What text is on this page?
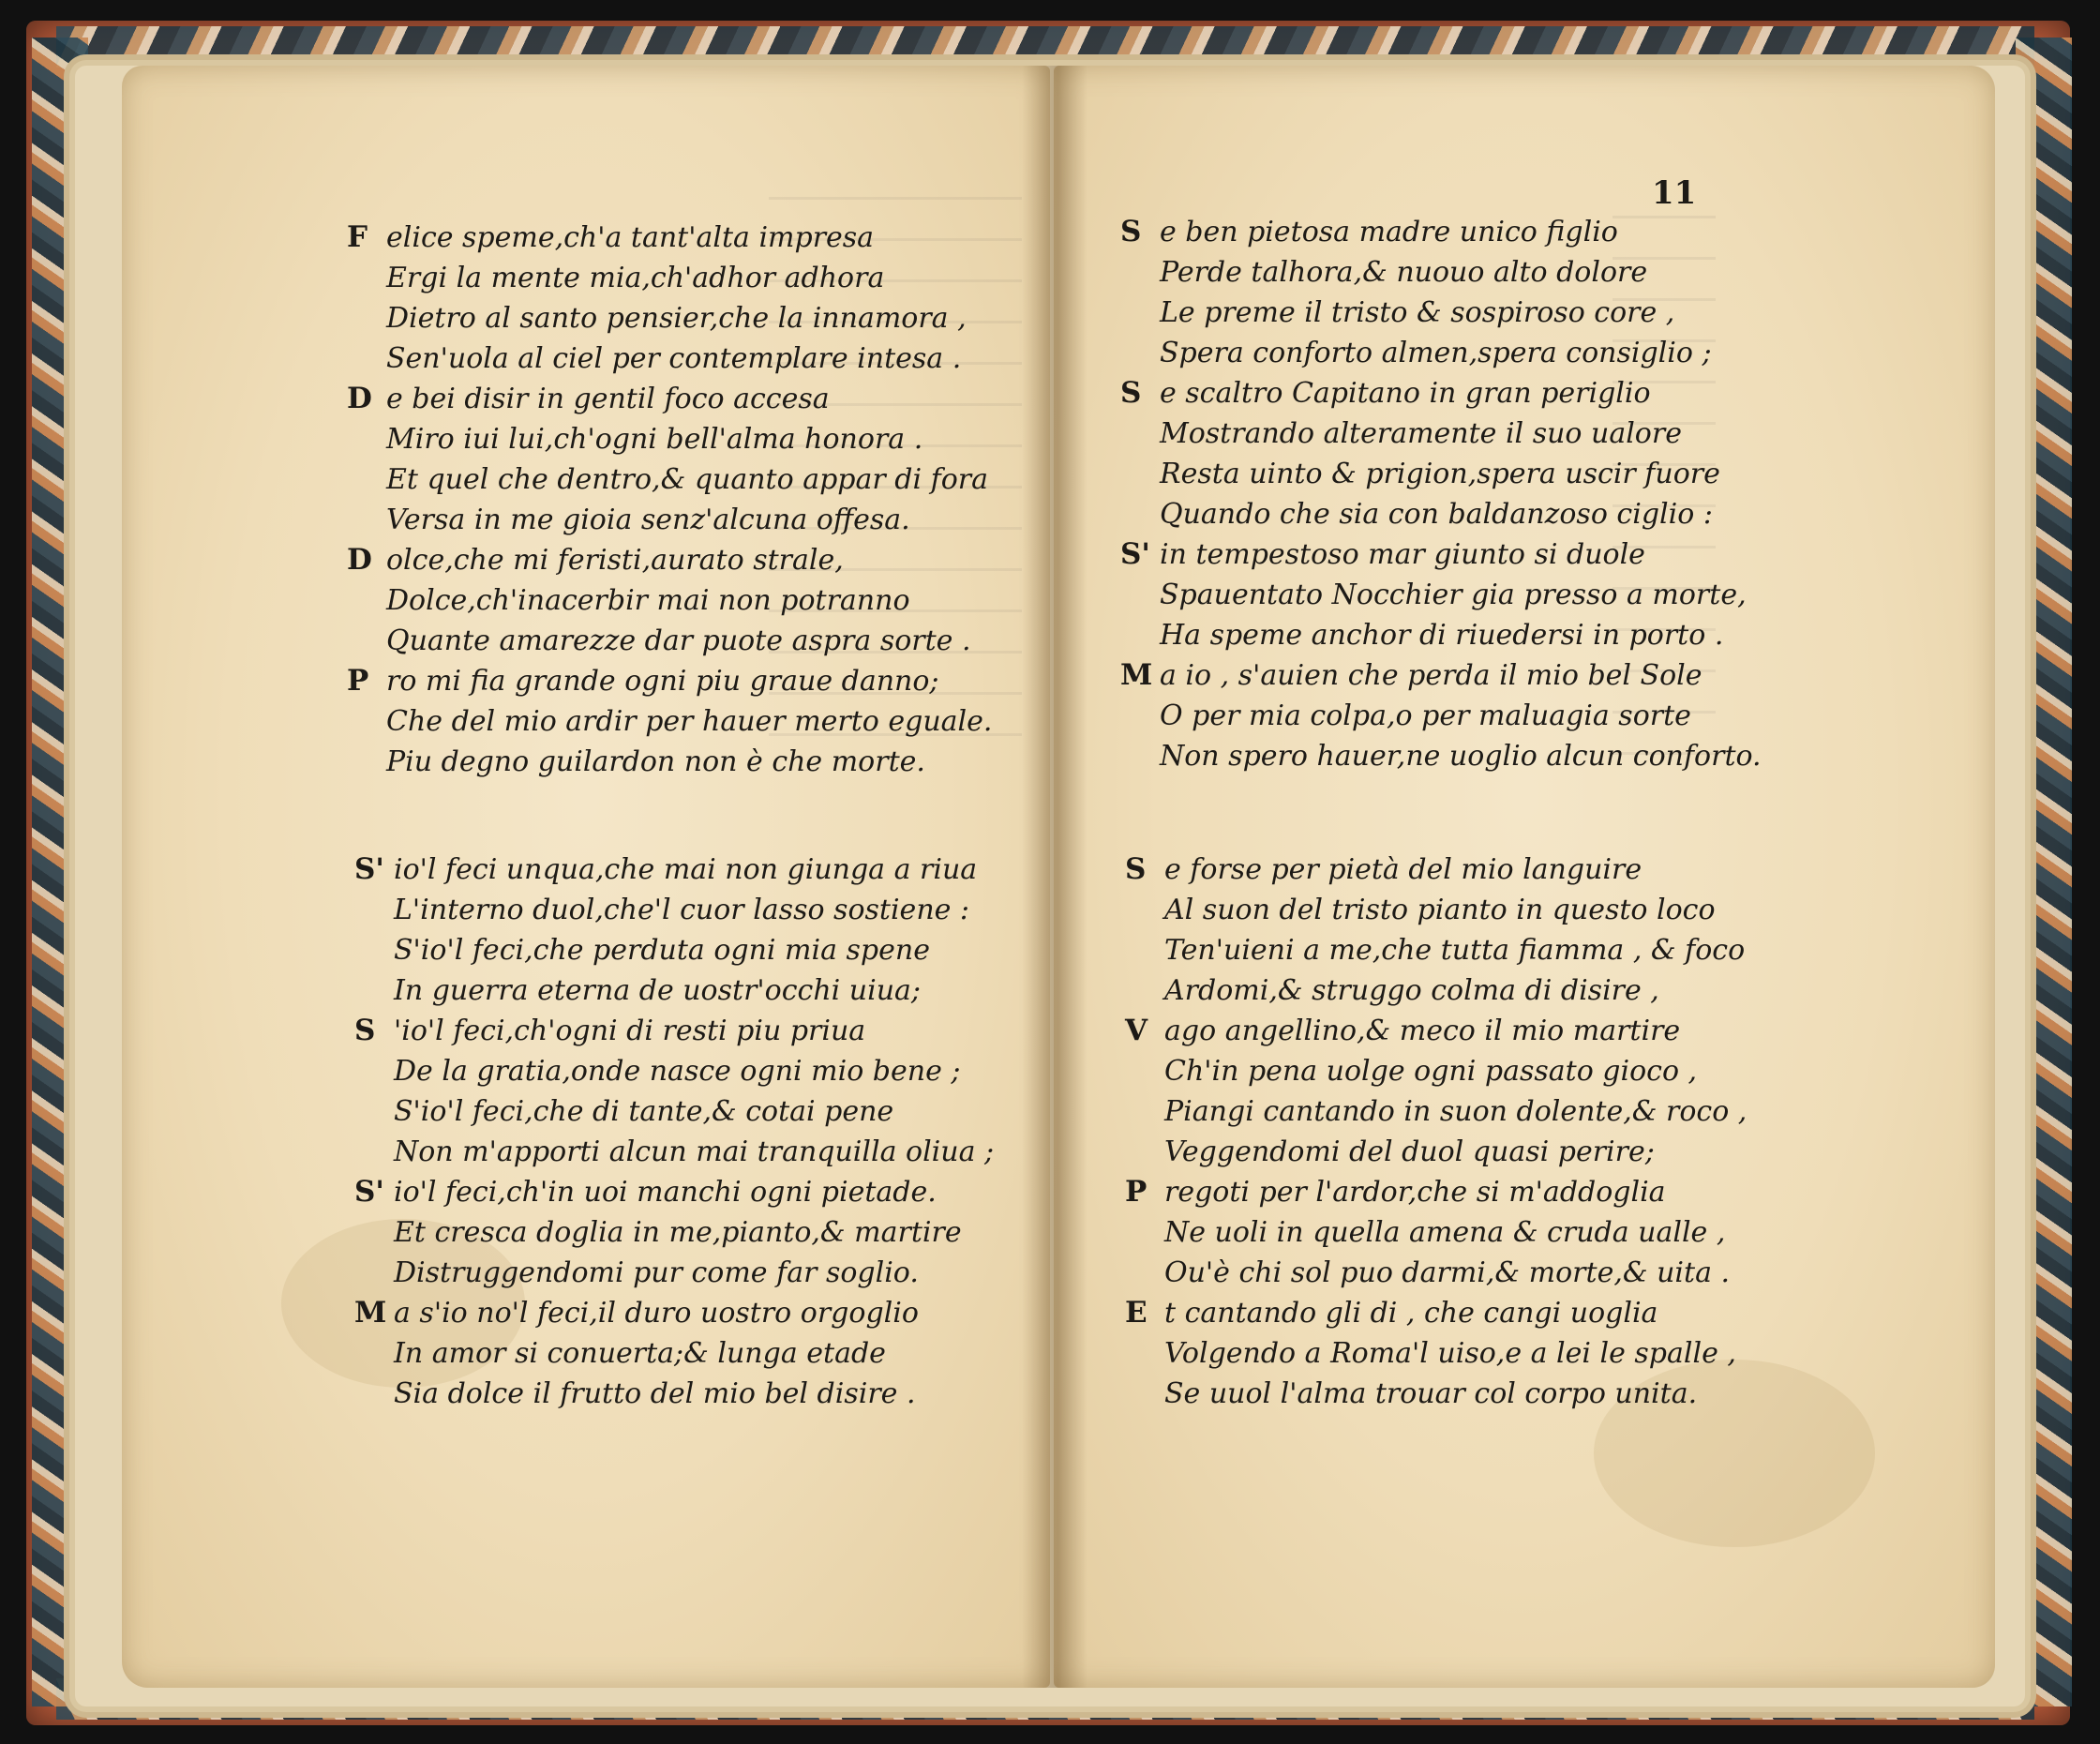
F elice speme,ch'a tant'alta impresa
Ergi la mente mia,ch'adhor adhora
Dietro al santo pensier,che la innamora ,
Sen'uola al ciel per contemplare intesa .
D e bei disir in gentil foco accesa
Miro iui lui,ch'ogni bell'alma honora .
Et quel che dentro,& quanto appar di fora
Versa in me gioia senz'alcuna offesa.
D olce,che mi feristi,aurato strale,
Dolce,ch'inacerbir mai non potranno
Quante amarezze dar puote aspra sorte .
P ro mi fia grande ogni piu graue danno;
Che del mio ardir per hauer merto eguale.
Piu degno guilardon non è che morte.
S' io'l feci unqua,che mai non giunga a riua
L'interno duol,che'l cuor lasso sostiene :
S'io'l feci,che perduta ogni mia spene
In guerra eterna de uostr'occhi uiua;
S 'io'l feci,ch'ogni di resti piu priua
De la gratia,onde nasce ogni mio bene ;
S'io'l feci,che di tante,& cotai pene
Non m'apporti alcun mai tranquilla oliua ;
S' io'l feci,ch'in uoi manchi ogni pietade.
Et cresca doglia in me,pianto,& martire
Distruggendomi pur come far soglio.
M a s'io no'l feci,il duro uostro orgoglio
In amor si conuerta;& lunga etade
Sia dolce il frutto del mio bel disire .
11
S e ben pietosa madre unico figlio
Perde talhora,& nuouo alto dolore
Le preme il tristo & sospiroso core ,
Spera conforto almen,spera consiglio ;
S e scaltro Capitano in gran periglio
Mostrando alteramente il suo ualore
Resta uinto & prigion,spera uscir fuore
Quando che sia con baldanzoso ciglio :
S' in tempestoso mar giunto si duole
Spauentato Nocchier gia presso a morte,
Ha speme anchor di riuedersi in porto .
M a io , s'auien che perda il mio bel Sole
O per mia colpa,o per maluagia sorte
Non spero hauer,ne uoglio alcun conforto.
S e forse per pietà del mio languire
Al suon del tristo pianto in questo loco
Ten'uieni a me,che tutta fiamma , & foco
Ardomi,& struggo colma di disire ,
V ago angellino,& meco il mio martire
Ch'in pena uolge ogni passato gioco ,
Piangi cantando in suon dolente,& roco ,
Veggendomi del duol quasi perire;
P regoti per l'ardor,che si m'addoglia
Ne uoli in quella amena & cruda ualle ,
Ou'è chi sol puo darmi,& morte,& uita .
E t cantando gli di , che cangi uoglia
Volgendo a Roma'l uiso,e a lei le spalle ,
Se uuol l'alma trouar col corpo unita.
